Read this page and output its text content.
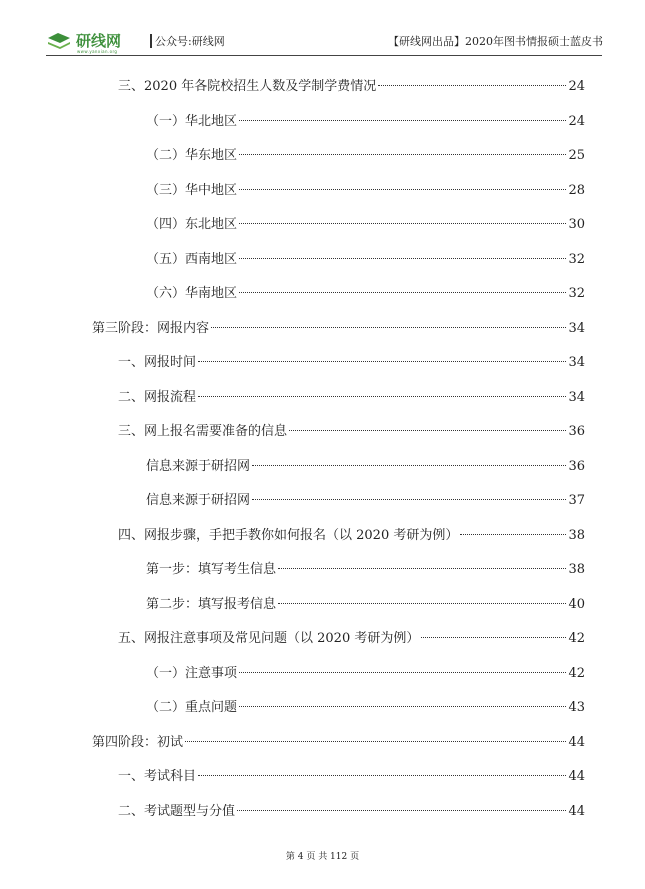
研线网
www.yanxian.org
公众号:研线网	【研线网出品】2020年图书情报硕士蓝皮书
三、2020 年各院校招生人数及学制学费情况	24
（一）华北地区	24
（二）华东地区	25
（三）华中地区	28
（四）东北地区	30
（五）西南地区	32
（六）华南地区	32
第三阶段：网报内容	34
一、网报时间	34
二、网报流程	34
三、网上报名需要准备的信息	36
信息来源于研招网	36
信息来源于研招网	37
四、网报步骤，手把手教你如何报名（以 2020 考研为例）	38
第一步：填写考生信息	38
第二步：填写报考信息	40
五、网报注意事项及常见问题（以 2020 考研为例）	42
（一）注意事项	42
（二）重点问题	43
第四阶段：初试	44
一、考试科目	44
二、考试题型与分值	44
第 4 页 共 112 页
